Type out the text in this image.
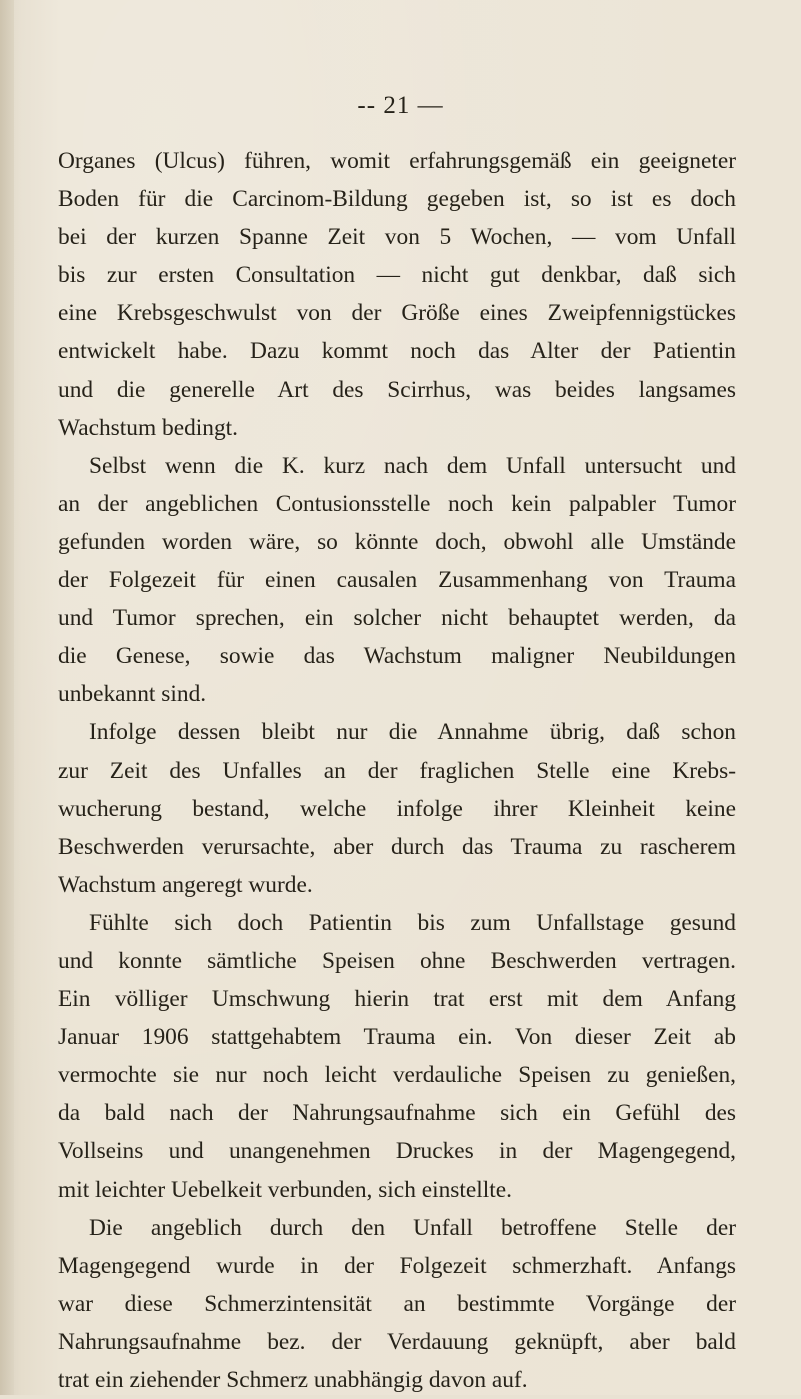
-- 21 —
Organes (Ulcus) führen, womit erfahrungsgemäß ein geeigneter
Boden für die Carcinom-Bildung gegeben ist, so ist es doch
bei der kurzen Spanne Zeit von 5 Wochen, — vom Unfall
bis zur ersten Consultation — nicht gut denkbar, daß sich
eine Krebsgeschwulst von der Größe eines Zweipfennigstückes
entwickelt habe. Dazu kommt noch das Alter der Patientin
und die generelle Art des Scirrhus, was beides langsames
Wachstum bedingt.
Selbst wenn die K. kurz nach dem Unfall untersucht und
an der angeblichen Contusionsstelle noch kein palpabler Tumor
gefunden worden wäre, so könnte doch, obwohl alle Umstände
der Folgezeit für einen causalen Zusammenhang von Trauma
und Tumor sprechen, ein solcher nicht behauptet werden, da
die Genese, sowie das Wachstum maligner Neubildungen
unbekannt sind.
Infolge dessen bleibt nur die Annahme übrig, daß schon
zur Zeit des Unfalles an der fraglichen Stelle eine Krebs-
wucherung bestand, welche infolge ihrer Kleinheit keine
Beschwerden verursachte, aber durch das Trauma zu rascherem
Wachstum angeregt wurde.
Fühlte sich doch Patientin bis zum Unfallstage gesund
und konnte sämtliche Speisen ohne Beschwerden vertragen.
Ein völliger Umschwung hierin trat erst mit dem Anfang
Januar 1906 stattgehabtem Trauma ein. Von dieser Zeit ab
vermochte sie nur noch leicht verdauliche Speisen zu genießen,
da bald nach der Nahrungsaufnahme sich ein Gefühl des
Vollseins und unangenehmen Druckes in der Magengegend,
mit leichter Uebelkeit verbunden, sich einstellte.
Die angeblich durch den Unfall betroffene Stelle der
Magengegend wurde in der Folgezeit schmerzhaft. Anfangs
war diese Schmerzintensität an bestimmte Vorgänge der
Nahrungsaufnahme bez. der Verdauung geknüpft, aber bald
trat ein ziehender Schmerz unabhängig davon auf.
